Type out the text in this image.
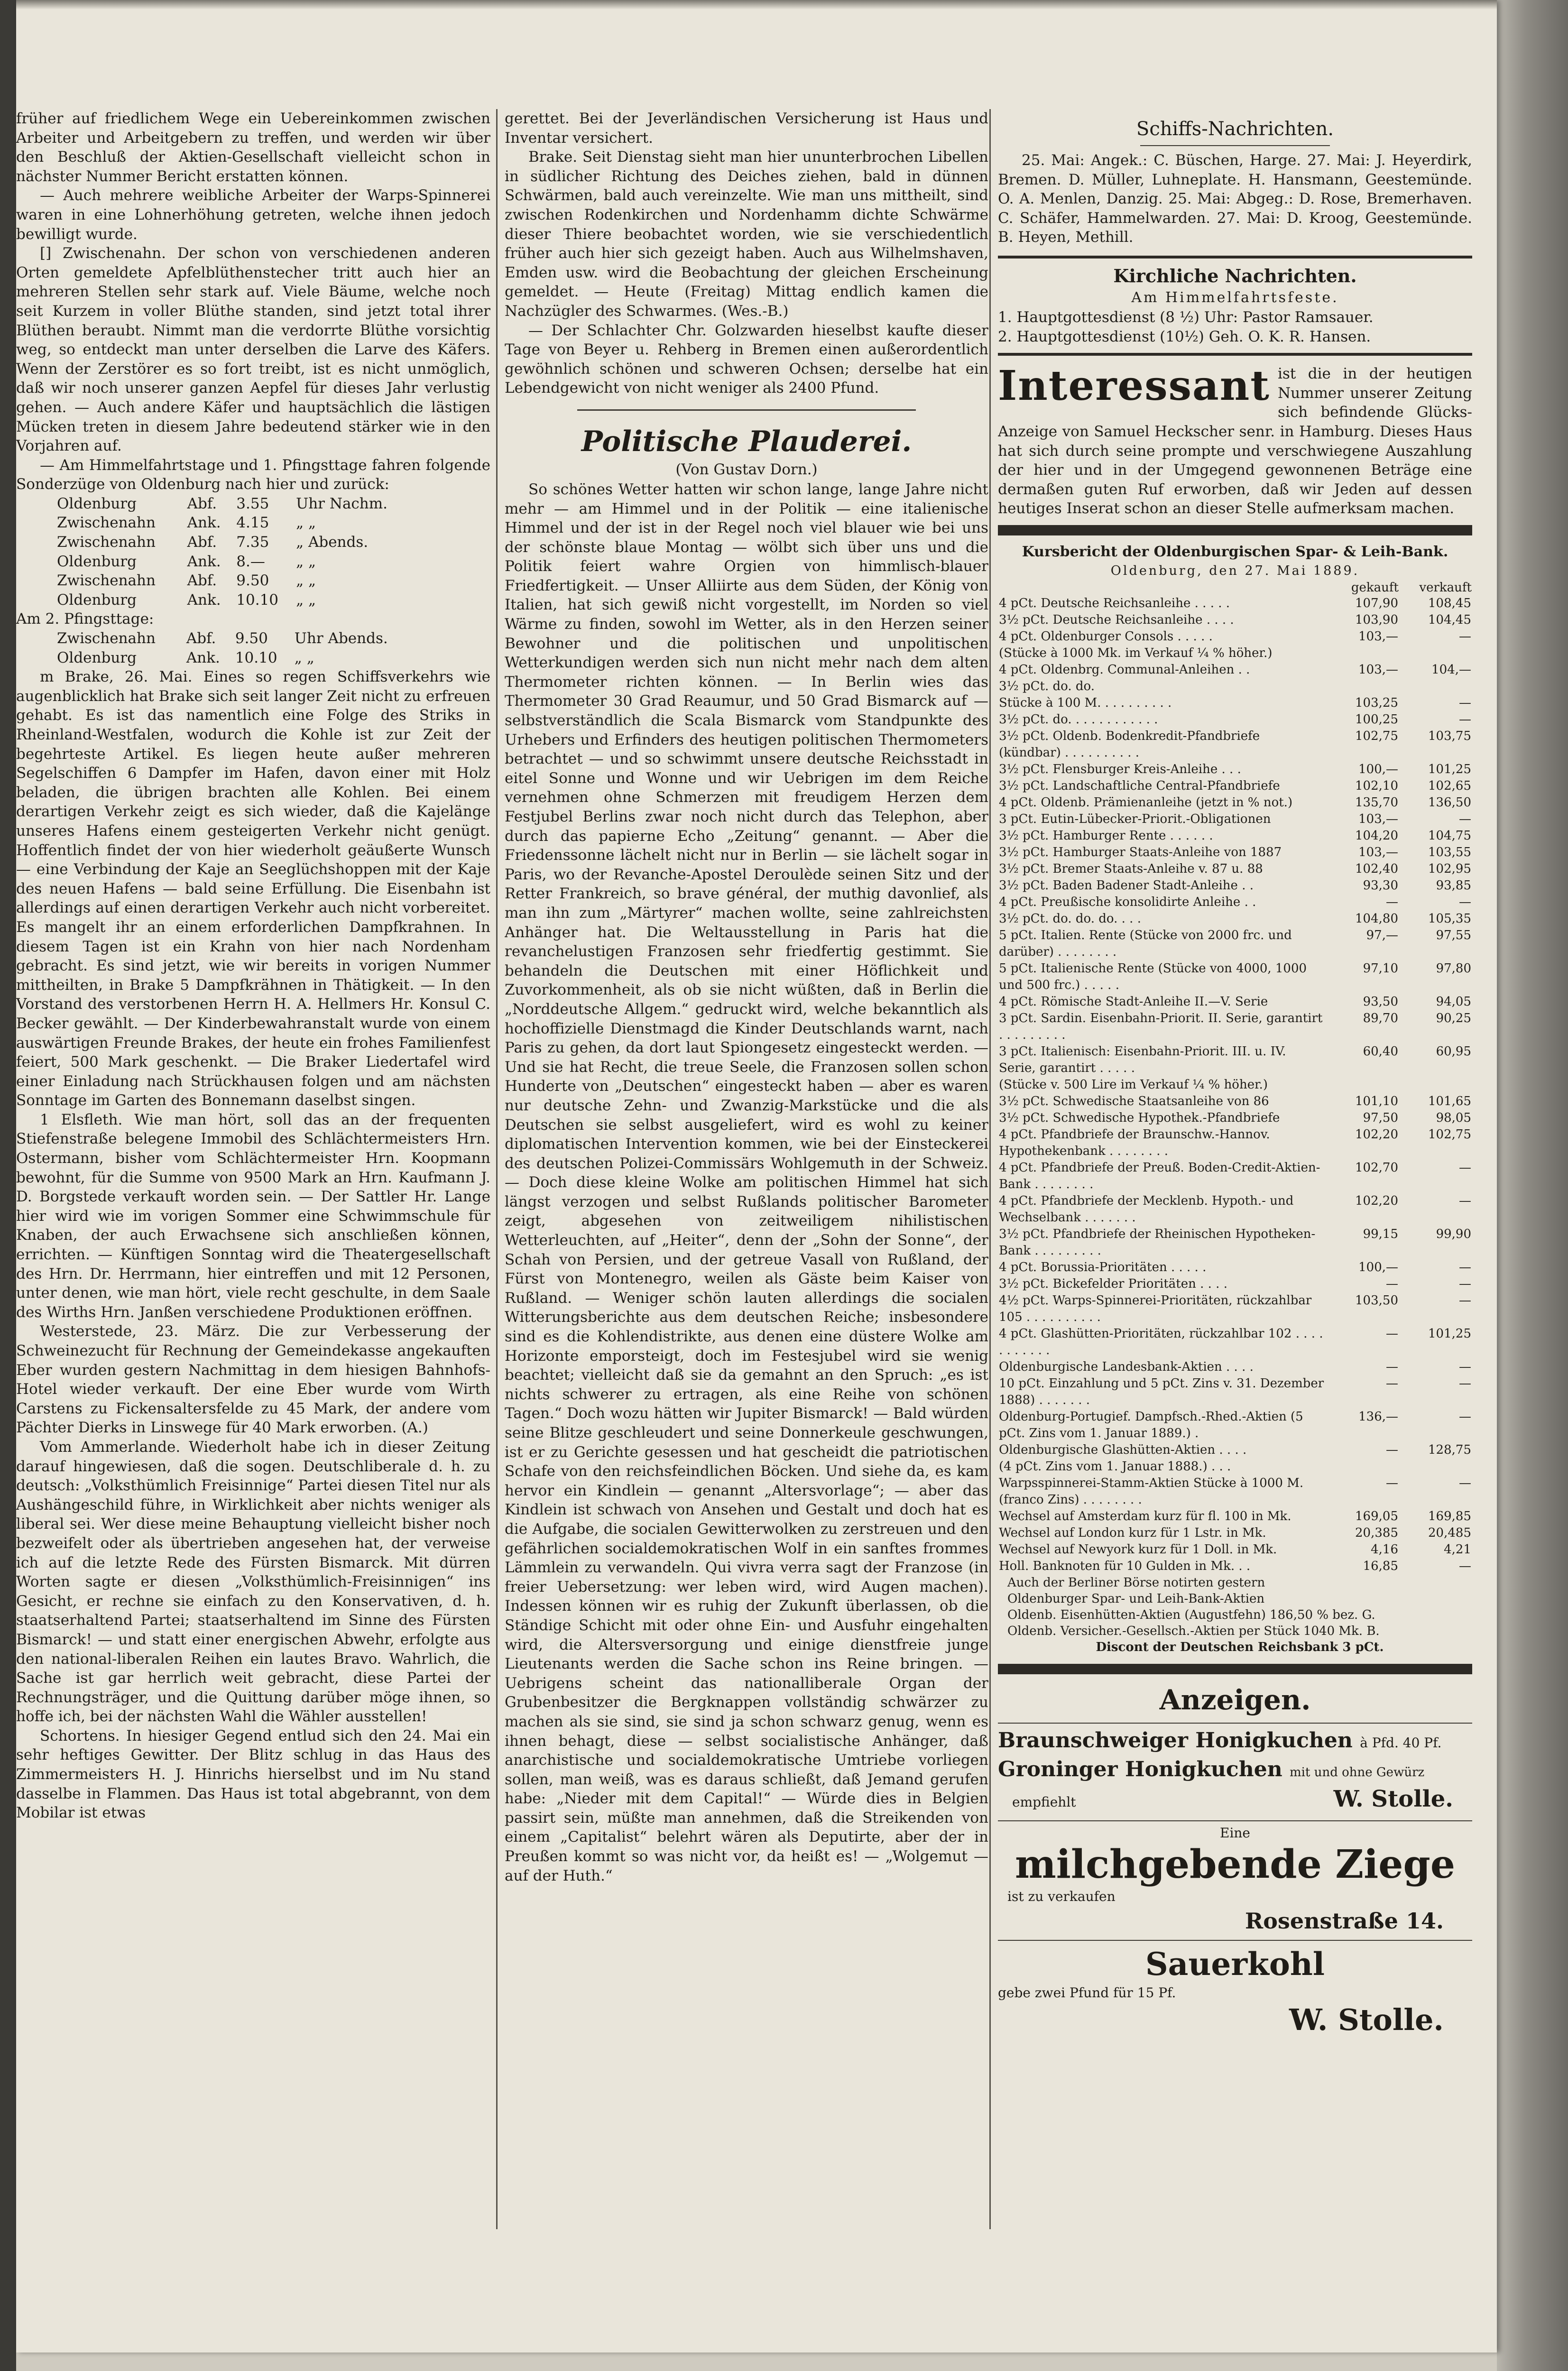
früher auf friedlichem Wege ein Uebereinkommen zwischen Arbeiter und Arbeitgebern zu treffen, und werden wir über den Beschluß der Aktien-Gesellschaft vielleicht schon in nächster Nummer Bericht erstatten können.

— Auch mehrere weibliche Arbeiter der Warps-Spinnerei waren in eine Lohnerhöhung getreten, welche ihnen jedoch bewilligt wurde.

[] Zwischenahn. Der schon von verschiedenen anderen Orten gemeldete Apfelblüthenstecher tritt auch hier an mehreren Stellen sehr stark auf. Viele Bäume, welche noch seit Kurzem in voller Blüthe standen, sind jetzt total ihrer Blüthen beraubt. Nimmt man die verdorrte Blüthe vorsichtig weg, so entdeckt man unter derselben die Larve des Käfers. Wenn der Zerstörer es so fort treibt, ist es nicht unmöglich, daß wir noch unserer ganzen Aepfel für dieses Jahr verlustig gehen. — Auch andere Käfer und hauptsächlich die lästigen Mücken treten in diesem Jahre bedeutend stärker wie in den Vorjahren auf.

— Am Himmelfahrtstage und 1. Pfingsttage fahren folgende Sonderzüge von Oldenburg nach hier und zurück:

Oldenburg	Abf.	3.55	Uhr Nachm.
Zwischenahn	Ank.	4.15	„ „
Zwischenahn	Abf.	7.35	„ Abends.
Oldenburg	Ank.	8.—	„ „
Zwischenahn	Abf.	9.50	„ „
Oldenburg	Ank.	10.10	„ „

Am 2. Pfingsttage:

Zwischenahn	Abf.	9.50	Uhr Abends.
Oldenburg	Ank.	10.10	„ „

m Brake, 26. Mai. Eines so regen Schiffsverkehrs wie augenblicklich hat Brake sich seit langer Zeit nicht zu erfreuen gehabt. Es ist das namentlich eine Folge des Striks in Rheinland-Westfalen, wodurch die Kohle ist zur Zeit der begehrteste Artikel. Es liegen heute außer mehreren Segelschiffen 6 Dampfer im Hafen, davon einer mit Holz beladen, die übrigen brachten alle Kohlen. Bei einem derartigen Verkehr zeigt es sich wieder, daß die Kajelänge unseres Hafens einem gesteigerten Verkehr nicht genügt. Hoffentlich findet der von hier wiederholt geäußerte Wunsch — eine Verbindung der Kaje an Seeglüchshoppen mit der Kaje des neuen Hafens — bald seine Erfüllung. Die Eisenbahn ist allerdings auf einen derartigen Verkehr auch nicht vorbereitet. Es mangelt ihr an einem erforderlichen Dampfkrahnen. In diesem Tagen ist ein Krahn von hier nach Nordenham gebracht. Es sind jetzt, wie wir bereits in vorigen Nummer mittheilten, in Brake 5 Dampfkrähnen in Thätigkeit. — In den Vorstand des verstorbenen Herrn H. A. Hellmers Hr. Konsul C. Becker gewählt. — Der Kinderbewahranstalt wurde von einem auswärtigen Freunde Brakes, der heute ein frohes Familienfest feiert, 500 Mark geschenkt. — Die Braker Liedertafel wird einer Einladung nach Strückhausen folgen und am nächsten Sonntage im Garten des Bonnemann daselbst singen.

1 Elsfleth. Wie man hört, soll das an der frequenten Stiefenstraße belegene Immobil des Schlächtermeisters Hrn. Ostermann, bisher vom Schlächtermeister Hrn. Koopmann bewohnt, für die Summe von 9500 Mark an Hrn. Kaufmann J. D. Borgstede verkauft worden sein. — Der Sattler Hr. Lange hier wird wie im vorigen Sommer eine Schwimmschule für Knaben, der auch Erwachsene sich anschließen können, errichten. — Künftigen Sonntag wird die Theatergesellschaft des Hrn. Dr. Herrmann, hier eintreffen und mit 12 Personen, unter denen, wie man hört, viele recht geschulte, in dem Saale des Wirths Hrn. Janßen verschiedene Produktionen eröffnen.

Westerstede, 23. März. Die zur Verbesserung der Schweinezucht für Rechnung der Gemeindekasse angekauften Eber wurden gestern Nachmittag in dem hiesigen Bahnhofs-Hotel wieder verkauft. Der eine Eber wurde vom Wirth Carstens zu Fickensaltersfelde zu 45 Mark, der andere vom Pächter Dierks in Linswege für 40 Mark erworben. (A.)

Vom Ammerlande. Wiederholt habe ich in dieser Zeitung darauf hingewiesen, daß die sogen. Deutschliberale d. h. zu deutsch: „Volksthümlich Freisinnige“ Partei diesen Titel nur als Aushängeschild führe, in Wirklichkeit aber nichts weniger als liberal sei. Wer diese meine Behauptung vielleicht bisher noch bezweifelt oder als übertrieben angesehen hat, der verweise ich auf die letzte Rede des Fürsten Bismarck. Mit dürren Worten sagte er diesen „Volksthümlich-Freisinnigen“ ins Gesicht, er rechne sie einfach zu den Konservativen, d. h. staatserhaltend Partei; staatserhaltend im Sinne des Fürsten Bismarck! — und statt einer energischen Abwehr, erfolgte aus den national-liberalen Reihen ein lautes Bravo. Wahrlich, die Sache ist gar herrlich weit gebracht, diese Partei der Rechnungsträger, und die Quittung darüber möge ihnen, so hoffe ich, bei der nächsten Wahl die Wähler ausstellen!

Schortens. In hiesiger Gegend entlud sich den 24. Mai ein sehr heftiges Gewitter. Der Blitz schlug in das Haus des Zimmermeisters H. J. Hinrichs hierselbst und im Nu stand dasselbe in Flammen. Das Haus ist total abgebrannt, von dem Mobilar ist etwas

gerettet. Bei der Jeverländischen Versicherung ist Haus und Inventar versichert.

Brake. Seit Dienstag sieht man hier ununterbrochen Libellen in südlicher Richtung des Deiches ziehen, bald in dünnen Schwärmen, bald auch vereinzelte. Wie man uns mittheilt, sind zwischen Rodenkirchen und Nordenhamm dichte Schwärme dieser Thiere beobachtet worden, wie sie verschiedentlich früher auch hier sich gezeigt haben. Auch aus Wilhelmshaven, Emden usw. wird die Beobachtung der gleichen Erscheinung gemeldet. — Heute (Freitag) Mittag endlich kamen die Nachzügler des Schwarmes. (Wes.-B.)

— Der Schlachter Chr. Golzwarden hieselbst kaufte dieser Tage von Beyer u. Rehberg in Bremen einen außerordentlich gewöhnlich schönen und schweren Ochsen; derselbe hat ein Lebendgewicht von nicht weniger als 2400 Pfund.

Politische Plauderei.
(Von Gustav Dorn.)

So schönes Wetter hatten wir schon lange, lange Jahre nicht mehr — am Himmel und in der Politik — eine italienische Himmel und der ist in der Regel noch viel blauer wie bei uns der schönste blaue Montag — wölbt sich über uns und die Politik feiert wahre Orgien von himmlisch-blauer Friedfertigkeit. — Unser Alliirte aus dem Süden, der König von Italien, hat sich gewiß nicht vorgestellt, im Norden so viel Wärme zu finden, sowohl im Wetter, als in den Herzen seiner Bewohner und die politischen und unpolitischen Wetterkundigen werden sich nun nicht mehr nach dem alten Thermometer richten können. — In Berlin wies das Thermometer 30 Grad Reaumur, und 50 Grad Bismarck auf — selbstverständlich die Scala Bismarck vom Standpunkte des Urhebers und Erfinders des heutigen politischen Thermometers betrachtet — und so schwimmt unsere deutsche Reichsstadt in eitel Sonne und Wonne und wir Uebrigen im dem Reiche vernehmen ohne Schmerzen mit freudigem Herzen dem Festjubel Berlins zwar noch nicht durch das Telephon, aber durch das papierne Echo „Zeitung“ genannt. — Aber die Friedenssonne lächelt nicht nur in Berlin — sie lächelt sogar in Paris, wo der Revanche-Apostel Deroulède seinen Sitz und der Retter Frankreich, so brave général, der muthig davonlief, als man ihn zum „Märtyrer“ machen wollte, seine zahlreichsten Anhänger hat. Die Weltausstellung in Paris hat die revanchelustigen Franzosen sehr friedfertig gestimmt. Sie behandeln die Deutschen mit einer Höflichkeit und Zuvorkommenheit, als ob sie nicht wüßten, daß in Berlin die „Norddeutsche Allgem.“ gedruckt wird, welche bekanntlich als hochoffizielle Dienstmagd die Kinder Deutschlands warnt, nach Paris zu gehen, da dort laut Spiongesetz eingesteckt werden. — Und sie hat Recht, die treue Seele, die Franzosen sollen schon Hunderte von „Deutschen“ eingesteckt haben — aber es waren nur deutsche Zehn- und Zwanzig-Markstücke und die als Deutschen sie selbst ausgeliefert, wird es wohl zu keiner diplomatischen Intervention kommen, wie bei der Einsteckerei des deutschen Polizei-Commissärs Wohlgemuth in der Schweiz. — Doch diese kleine Wolke am politischen Himmel hat sich längst verzogen und selbst Rußlands politischer Barometer zeigt, abgesehen von zeitweiligem nihilistischen Wetterleuchten, auf „Heiter“, denn der „Sohn der Sonne“, der Schah von Persien, und der getreue Vasall von Rußland, der Fürst von Montenegro, weilen als Gäste beim Kaiser von Rußland. — Weniger schön lauten allerdings die socialen Witterungsberichte aus dem deutschen Reiche; insbesondere sind es die Kohlendistrikte, aus denen eine düstere Wolke am Horizonte emporsteigt, doch im Festesjubel wird sie wenig beachtet; vielleicht daß sie da gemahnt an den Spruch: „es ist nichts schwerer zu ertragen, als eine Reihe von schönen Tagen.“ Doch wozu hätten wir Jupiter Bismarck! — Bald würden seine Blitze geschleudert und seine Donnerkeule geschwungen, ist er zu Gerichte gesessen und hat gescheidt die patriotischen Schafe von den reichsfeindlichen Böcken. Und siehe da, es kam hervor ein Kindlein — genannt „Altersvorlage“; — aber das Kindlein ist schwach von Ansehen und Gestalt und doch hat es die Aufgabe, die socialen Gewitterwolken zu zerstreuen und den gefährlichen socialdemokratischen Wolf in ein sanftes frommes Lämmlein zu verwandeln. Qui vivra verra sagt der Franzose (in freier Uebersetzung: wer leben wird, wird Augen machen). Indessen können wir es ruhig der Zukunft überlassen, ob die Ständige Schicht mit oder ohne Ein- und Ausfuhr eingehalten wird, die Altersversorgung und einige dienstfreie junge Lieutenants werden die Sache schon ins Reine bringen. — Uebrigens scheint das nationalliberale Organ der Grubenbesitzer die Bergknappen vollständig schwärzer zu machen als sie sind, sie sind ja schon schwarz genug, wenn es ihnen behagt, diese — selbst socialistische Anhänger, daß anarchistische und socialdemokratische Umtriebe vorliegen sollen, man weiß, was es daraus schließt, daß Jemand gerufen habe: „Nieder mit dem Capital!“ — Würde dies in Belgien passirt sein, müßte man annehmen, daß die Streikenden von einem „Capitalist“ belehrt wären als Deputirte, aber der in Preußen kommt so was nicht vor, da heißt es! — „Wolgemut — auf der Huth.“

Schiffs-Nachrichten.

25. Mai: Angek.: C. Büschen, Harge. 27. Mai: J. Heyerdirk, Bremen. D. Müller, Luhneplate. H. Hansmann, Geestemünde. O. A. Menlen, Danzig. 25. Mai: Abgeg.: D. Rose, Bremerhaven. C. Schäfer, Hammelwarden. 27. Mai: D. Kroog, Geestemünde. B. Heyen, Methill.

Kirchliche Nachrichten.
Am Himmelfahrtsfeste.

1. Hauptgottesdienst (8 ½) Uhr: Pastor Ramsauer.

2. Hauptgottesdienst (10½) Geh. O. K. R. Hansen.

Interessant ist die in der heutigen Nummer unserer Zeitung sich befindende Glücks-Anzeige von Samuel Heckscher senr. in Hamburg. Dieses Haus hat sich durch seine prompte und verschwiegene Auszahlung der hier und in der Umgegend gewonnenen Beträge eine dermaßen guten Ruf erworben, daß wir Jeden auf dessen heutiges Inserat schon an dieser Stelle aufmerksam machen.

Kursbericht der Oldenburgischen Spar- & Leih-Bank.
Oldenburg, den 27. Mai 1889.
	gekauft	verkauft
4 pCt. Deutsche Reichsanleihe . . . . .	107,90	108,45
3½ pCt. Deutsche Reichsanleihe . . . .	103,90	104,45
4 pCt. Oldenburger Consols . . . . .	103,—	—
(Stücke à 1000 Mk. im Verkauf ¼ % höher.)		
4 pCt. Oldenbrg. Communal-Anleihen . .	103,—	104,—
3½ pCt. do. do.		
Stücke à 100 M. . . . . . . . . .	103,25	—
3½ pCt. do. . . . . . . . . . . .	100,25	—
3½ pCt. Oldenb. Bodenkredit-Pfandbriefe (kündbar) . . . . . . . . . .	102,75	103,75
3½ pCt. Flensburger Kreis-Anleihe . . .	100,—	101,25
3½ pCt. Landschaftliche Central-Pfandbriefe	102,10	102,65
4 pCt. Oldenb. Prämienanleihe (jetzt in % not.)	135,70	136,50
3 pCt. Eutin-Lübecker-Priorit.-Obligationen	103,—	—
3½ pCt. Hamburger Rente . . . . . .	104,20	104,75
3½ pCt. Hamburger Staats-Anleihe von 1887	103,—	103,55
3½ pCt. Bremer Staats-Anleihe v. 87 u. 88	102,40	102,95
3½ pCt. Baden Badener Stadt-Anleihe . .	93,30	93,85
4 pCt. Preußische konsolidirte Anleihe . .	—	—
3½ pCt. do. do. do. . . .	104,80	105,35
5 pCt. Italien. Rente (Stücke von 2000 frc. und darüber) . . . . . . . .	97,—	97,55
5 pCt. Italienische Rente (Stücke von 4000, 1000 und 500 frc.) . . . . .	97,10	97,80
4 pCt. Römische Stadt-Anleihe II.—V. Serie	93,50	94,05
3 pCt. Sardin. Eisenbahn-Priorit. II. Serie, garantirt . . . . . . . . .	89,70	90,25
3 pCt. Italienisch: Eisenbahn-Priorit. III. u. IV. Serie, garantirt . . . . .	60,40	60,95
(Stücke v. 500 Lire im Verkauf ¼ % höher.)		
3½ pCt. Schwedische Staatsanleihe von 86	101,10	101,65
3½ pCt. Schwedische Hypothek.-Pfandbriefe	97,50	98,05
4 pCt. Pfandbriefe der Braunschw.-Hannov. Hypothekenbank . . . . . . . .	102,20	102,75
4 pCt. Pfandbriefe der Preuß. Boden-Credit-Aktien-Bank . . . . . . . .	102,70	—
4 pCt. Pfandbriefe der Mecklenb. Hypoth.- und Wechselbank . . . . . . .	102,20	—
3½ pCt. Pfandbriefe der Rheinischen Hypotheken-Bank . . . . . . . . .	99,15	99,90
4 pCt. Borussia-Prioritäten . . . . .	100,—	—
3½ pCt. Bickefelder Prioritäten . . . .	—	—
4½ pCt. Warps-Spinnerei-Prioritäten, rückzahlbar 105 . . . . . . . . . .	103,50	—
4 pCt. Glashütten-Prioritäten, rückzahlbar 102 . . . . . . . . . . .	—	101,25
Oldenburgische Landesbank-Aktien . . . .	—	—
10 pCt. Einzahlung und 5 pCt. Zins v. 31. Dezember 1888) . . . . . . .	—	—
Oldenburg-Portugief. Dampfsch.-Rhed.-Aktien (5 pCt. Zins vom 1. Januar 1889.) .	136,—	—
Oldenburgische Glashütten-Aktien . . . .	—	128,75
(4 pCt. Zins vom 1. Januar 1888.) . . .		
Warpsspinnerei-Stamm-Aktien Stücke à 1000 M. (franco Zins) . . . . . . . .	—	—
Wechsel auf Amsterdam kurz für fl. 100 in Mk.	169,05	169,85
Wechsel auf London kurz für 1 Lstr. in Mk.	20,385	20,485
Wechsel auf Newyork kurz für 1 Doll. in Mk.	4,16	4,21
Holl. Banknoten für 10 Gulden in Mk. . .	16,85	—
Auch der Berliner Börse notirten gestern
Oldenburger Spar- und Leih-Bank-Aktien
Oldenb. Eisenhütten-Aktien (Augustfehn) 186,50 % bez. G.
Oldenb. Versicher.-Gesellsch.-Aktien per Stück 1040 Mk. B.
Discont der Deutschen Reichsbank 3 pCt.
Anzeigen.
Braunschweiger Honigkuchen à Pfd. 40 Pf.
Groninger Honigkuchen mit und ohne Gewürz
empfiehlt	W. Stolle.
Eine
milchgebende Ziege
ist zu verkaufen
Rosenstraße 14.
Sauerkohl
gebe zwei Pfund für 15 Pf.
W. Stolle.
